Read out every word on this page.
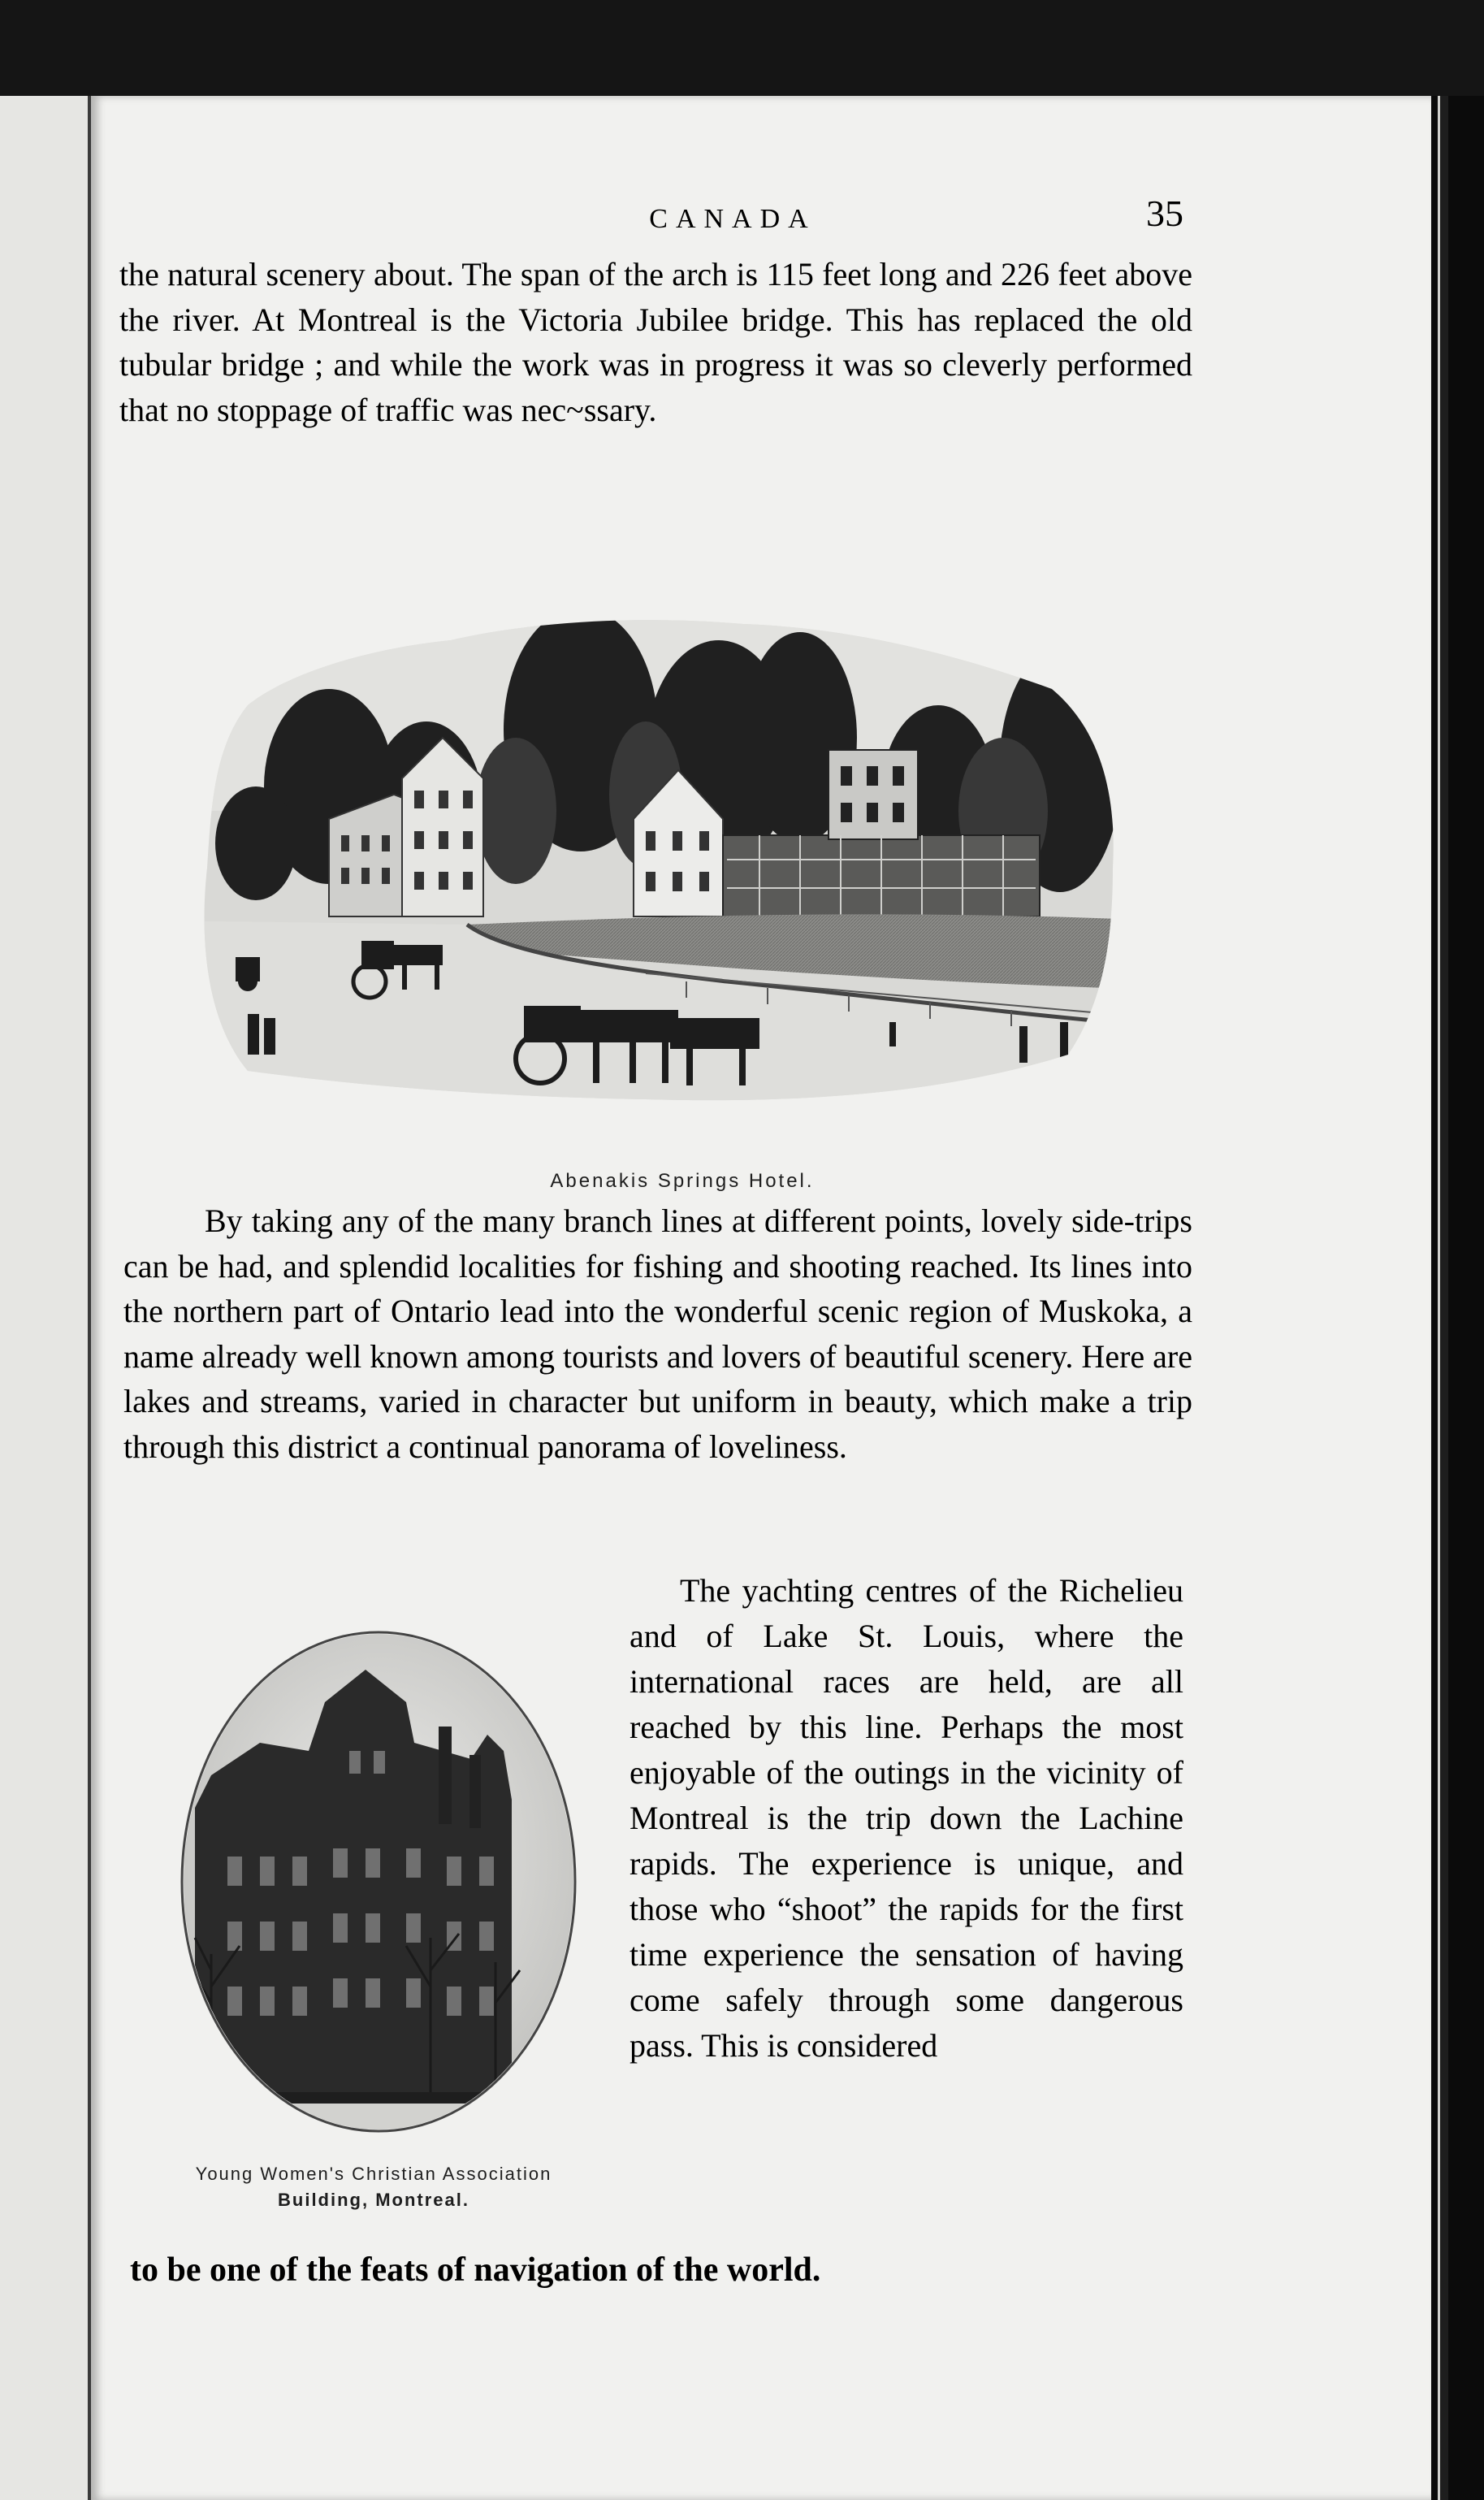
CANADA	35

the natural scenery about. The span of the arch is 115 feet long and 226 feet above the river. At Montreal is the Victoria Jubilee bridge. This has replaced the old tubular bridge ; and while the work was in progress it was so cleverly performed that no stoppage of traffic was nec~ssary.

Abenakis Springs Hotel.

By taking any of the many branch lines at different points, lovely side-trips can be had, and splendid localities for fishing and shooting reached. Its lines into the northern part of Ontario lead into the wonderful scenic region of Muskoka, a name already well known among tourists and lovers of beautiful scenery. Here are lakes and streams, varied in character but uniform in beauty, which make a trip through this district a continual panorama of loveliness.

Young Women's Christian Association
Building, Montreal.

The yachting centres of the Richelieu and of Lake St. Louis, where the international races are held, are all reached by this line. Perhaps the most enjoyable of the outings in the vicinity of Montreal is the trip down the Lachine rapids. The experience is unique, and those who “shoot” the rapids for the first time experience the sensation of having come safely through some dangerous pass. This is considered

to be one of the feats of navigation of the world.
